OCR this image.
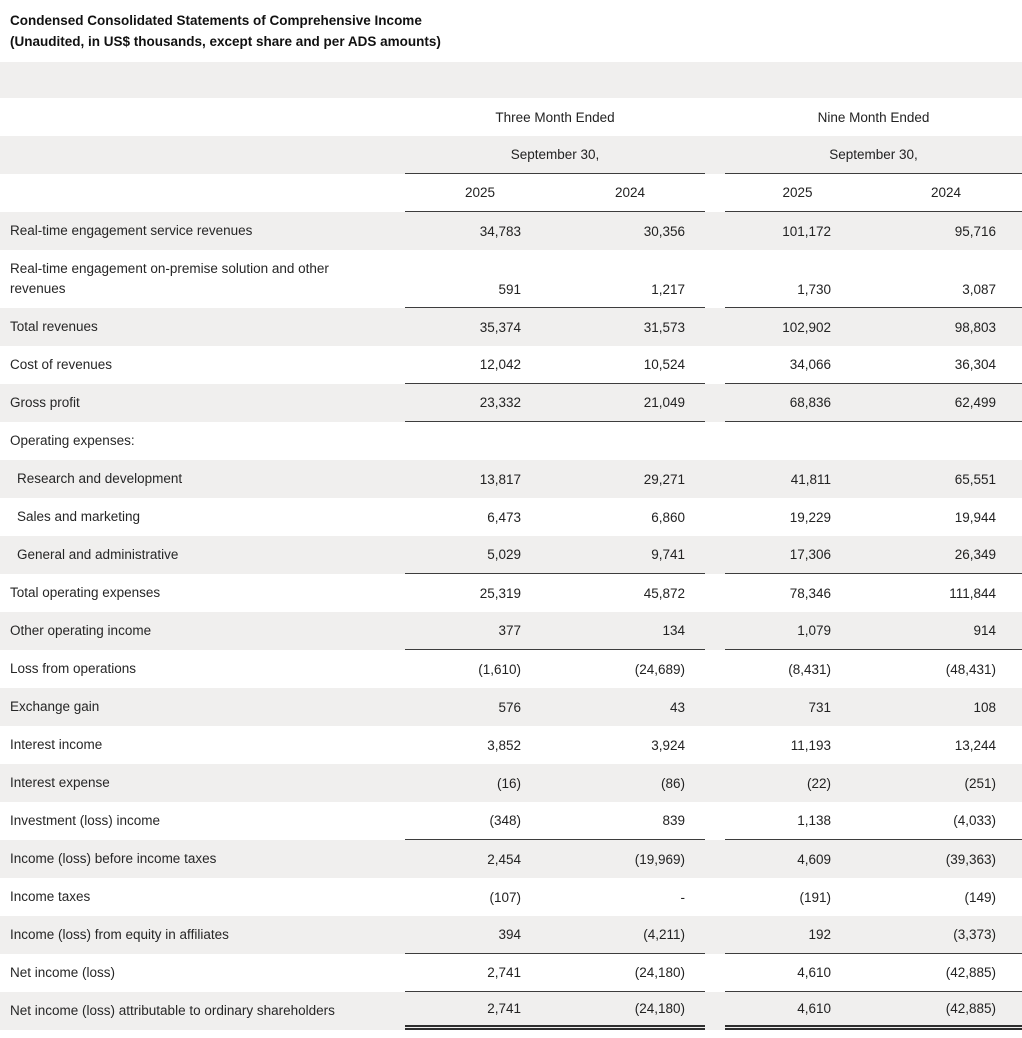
Condensed Consolidated Statements of Comprehensive Income
(Unaudited, in US$ thousands, except share and per ADS amounts)
Three Month Ended	Nine Month Ended
September 30,	September 30,
2025	2024	2025	2024
Real-time engagement service revenues	34,783	30,356	101,172	95,716
Real-time engagement on-premise solution and other revenues	591	1,217	1,730	3,087
Total revenues	35,374	31,573	102,902	98,803
Cost of revenues	12,042	10,524	34,066	36,304
Gross profit	23,332	21,049	68,836	62,499
Operating expenses:
Research and development	13,817	29,271	41,811	65,551
Sales and marketing	6,473	6,860	19,229	19,944
General and administrative	5,029	9,741	17,306	26,349
Total operating expenses	25,319	45,872	78,346	111,844
Other operating income	377	134	1,079	914
Loss from operations	(1,610)	(24,689)	(8,431)	(48,431)
Exchange gain	576	43	731	108
Interest income	3,852	3,924	11,193	13,244
Interest expense	(16)	(86)	(22)	(251)
Investment (loss) income	(348)	839	1,138	(4,033)
Income (loss) before income taxes	2,454	(19,969)	4,609	(39,363)
Income taxes	(107)	-	(191)	(149)
Income (loss) from equity in affiliates	394	(4,211)	192	(3,373)
Net income (loss)	2,741	(24,180)	4,610	(42,885)
Net income (loss) attributable to ordinary shareholders	2,741	(24,180)	4,610	(42,885)
